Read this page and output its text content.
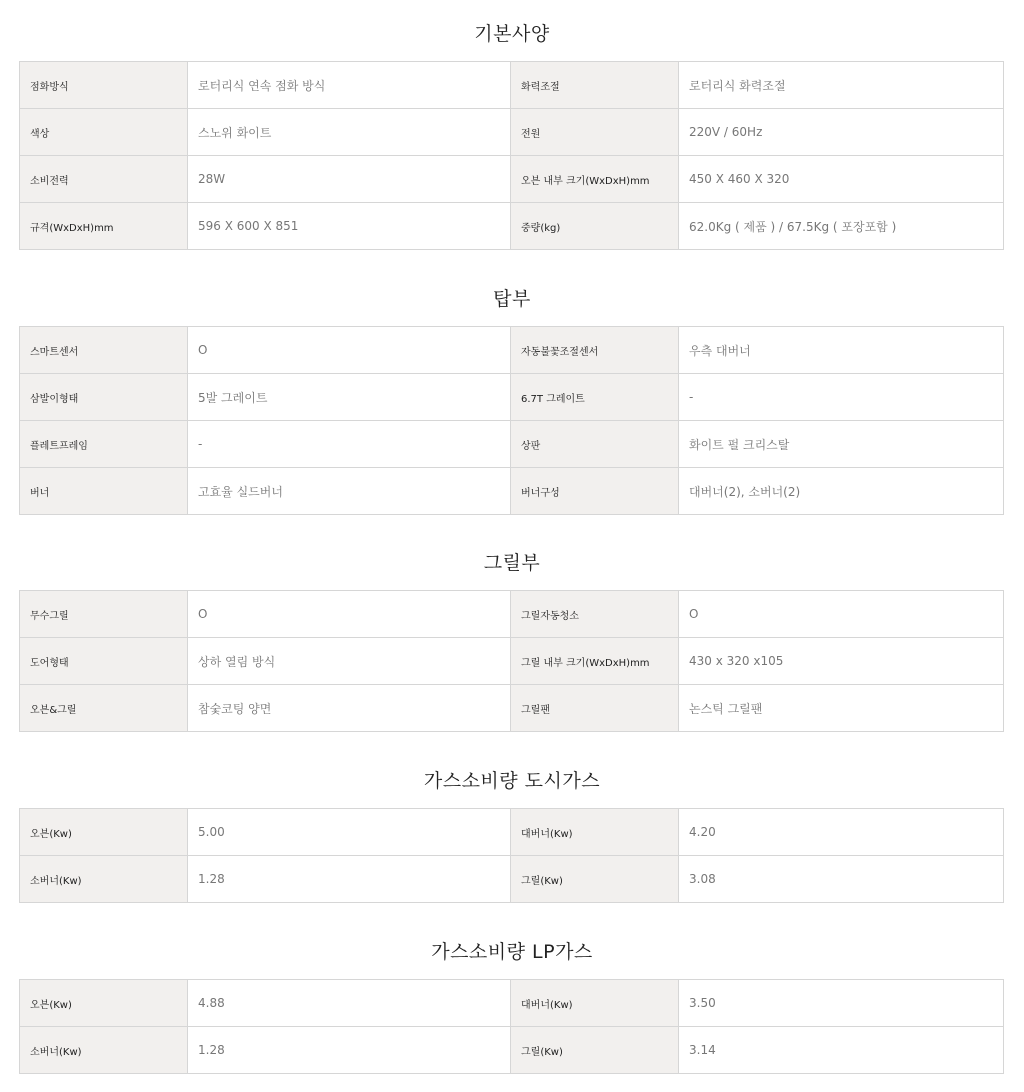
기본사양
점화방식	로터리식 연속 점화 방식	화력조절	로터리식 화력조절
색상	스노위 화이트	전원	220V / 60Hz
소비전력	28W	오븐 내부 크기(WxDxH)mm	450 X 460 X 320
규격(WxDxH)mm	596 X 600 X 851	중량(kg)	62.0Kg ( 제품 ) / 67.5Kg ( 포장포함 )
탑부
스마트센서	O	자동불꽃조절센서	우측 대버너
삼발이형태	5발 그레이트	6.7T 그레이트	-
플레트프레임	-	상판	화이트 펄 크리스탈
버너	고효율 실드버너	버너구성	대버너(2), 소버너(2)
그릴부
무수그릴	O	그릴자동청소	O
도어형태	상하 열림 방식	그릴 내부 크기(WxDxH)mm	430 x 320 x105
오븐&그릴	참숯코팅 양면	그릴팬	논스틱 그릴팬
가스소비량 도시가스
오븐(Kw)	5.00	대버너(Kw)	4.20
소버너(Kw)	1.28	그릴(Kw)	3.08
가스소비량 LP가스
오븐(Kw)	4.88	대버너(Kw)	3.50
소버너(Kw)	1.28	그릴(Kw)	3.14
